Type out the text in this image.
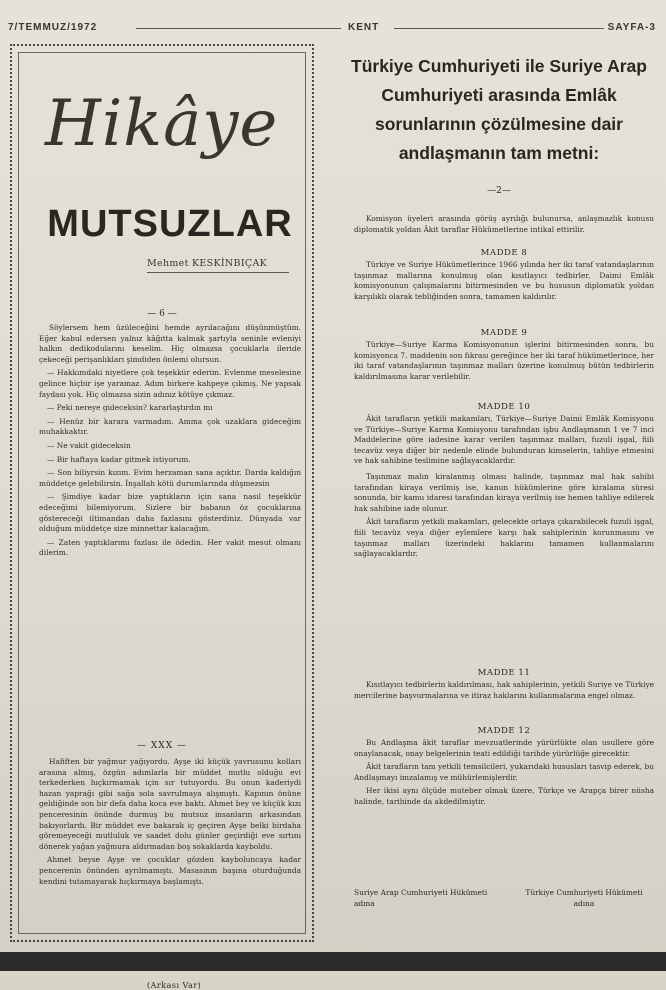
7/TEMMUZ/1972	KENT	SAYFA-3
Hikâye
MUTSUZLAR
Mehmet KESKİNBIÇAK
— 6 —

Söylersem hem üzüleceğini hemde ayrılacağını düşünmüştüm. Eğer kabul edersen yalnız kâğıtta kalmak şartıyla seninle evleniyi halkın dedikodularını keselim. Hiç olmazsa çocuklarla ileride çekeceği perişanlıkları şimdiden önlemi olursun.

— Hakkımdaki niyetlere çok teşekkür ederim. Evlenme meselesine gelince hiçbir işe yaramaz. Adım birkere kahpeye çıkmış. Ne yapsak faydası yok. Hiç olmazsa sizin adınız kötüye çıkmaz.

— Peki nereye gideceksin? kararlaştırdın mı

— Henüz bir karara varmadım. Amma çok uzaklara gideceğim muhakkaktır.

— Ne vakit gideceksin

— Bir haftaya kadar gitmek istiyorum.

— Son biliyrsin kızım. Evim herzaman sana açıktır. Darda kaldığın müddetçe gelebilirsin. İnşallah kötü durumlarında düşmezsin

— Şimdiye kadar bize yaptıkların için sana nasıl teşekkür edeceğimi bilemiyorum. Sizlere bir babanın öz çocuklarına göstereceği iltimandan daha fazlasını gösterdiniz. Dünyada var olduğum müddetçe size minnettar kalacağım.

— Zaten yaptıklarımı fazlası ile ödedin. Her vakit mesut olmanı dilerim.

— XXX —

Hafiften bir yağmur yağıyordu. Ayşe iki küçük yavrusunu kolları arasına almış, özgün adımlarla bir müddet mutlu olduğu evi terkederken hıçkırmamak için sır tutuyordu. Bu onun kaderiydi hazan yaprağı gibi sağa sola savrulmaya alışmıştı. Kapının önüne geldiğinde son bir defa daha koca eve baktı. Ahmet bey ve küçük kızı penceresinin önünde durmuş bu mutsuz insanların arkasından bakıyorlardı. Bir müddet eve bakarak iç geçiren Ayşe belki birdaha göremeyeceği mutluluk ve saadet dolu günler geçirdiği eve sırtını dönerek yağan yağmura aldırmadan boş sokaklarda kayboldu.

Ahmet beyse Ayşe ve çocuklar gözden kayboluncaya kadar pencerenin önünden ayrılmamıştı. Masasının başına oturduğunda kendini tutamayarak hıçkırmaya başlamıştı.

(Arkası Var)
Türkiye Cumhuriyeti ile Suriye Arap Cumhuriyeti arasında Emlâk sorunlarının çözülmesine dair andlaşmanın tam metni:
—2—

Komisyon üyeleri arasında görüş ayrılığı bulunursa, anlaşmazlık konusu diplomatik yoldan Âkit taraflar Hükümetlerine intikal ettirilir.

MADDE 8

Türkiye ve Suriye Hükümetlerince 1966 yılında her iki taraf vatandaşlarının taşınmaz mallarına konulmuş olan kısıtlayıcı tedbirler, Daimi Emlâk komisyonunun çalışmalarını bitirmesinden ve bu hususun diplomatik yoldan karşılıklı olarak tebliğinden sonra, tamamen kaldırılır.

MADDE 9

Türkiye—Suriye Karma Komisyonunun işlerini bitirmesinden sonra, bu komisyonca 7. maddenin son fıkrası gereğince her iki taraf hükümetlerince, her iki taraf vatandaşlarının taşınmaz malları üzerine konulmuş bütün tedbirlerin kaldırılmasına karar verilebilir.

MADDE 10

Âkit tarafların yetkili makamları, Türkiye—Suriye Daimi Emlâk Komisyonu ve Türkiye—Suriye Karma Komisyonu tarafından işbu Andlaşmanın 1 ve 7 inci Maddelerine göre iadesine karar verilen taşınmaz malları, fuzuli işgal, fiili tecavüz veya diğer bir nedenle elinde bulunduran kimselerin, tahliye etmesini ve hak sahibine teslimine sağlayacaklardır.

Taşınmaz malın kiralanmış olması halinde, taşınmaz mal hak sahibi tarafından kiraya verilmiş ise, kanun hükümlerine göre kiralama süresi sonunda, bir kamu idaresi tarafından kiraya verilmiş ise hemen tahliye edilerek hak sahibine iade olunur.

Âkit tarafların yetkili makamları, gelecekte ortaya çıkarabilecek fuzuli işgal, fiili tecavüz veya diğer eylemlere karşı hak sahiplerinin korunmasını ve taşınmaz malları üzerindeki haklarını tamamen kullanmalarını sağlayacaklardır.

MADDE 11

Kısıtlayıcı tedbirlerin kaldırılması, hak sahiplerinin, yetkili Suriye ve Türkiye mercilerine başvurmalarına ve itiraz haklarını kullanmalarına engel olmaz.

MADDE 12

Bu Andlaşma âkit taraflar mevzuatlerinde yürürlükte olan usullere göre onaylanacak, onay belgelerinin teati edildiği tarihde yürürlüğe girecektir.

Âkit tarafların tam yetkili temsilcileri, yukarıdaki hususları tasvip ederek, bu Andlaşmayı imzalamış ve mühürlemişlerdir.

Her ikisi aynı ölçüde muteber olmak üzere, Türkçe ve Arapça birer nüsha halinde, tarihinde da akdedilmiştir.

Suriye Arap Cumhuriyeti Hükümeti adına
Türkiye Cumhuriyeti Hükümeti adına
